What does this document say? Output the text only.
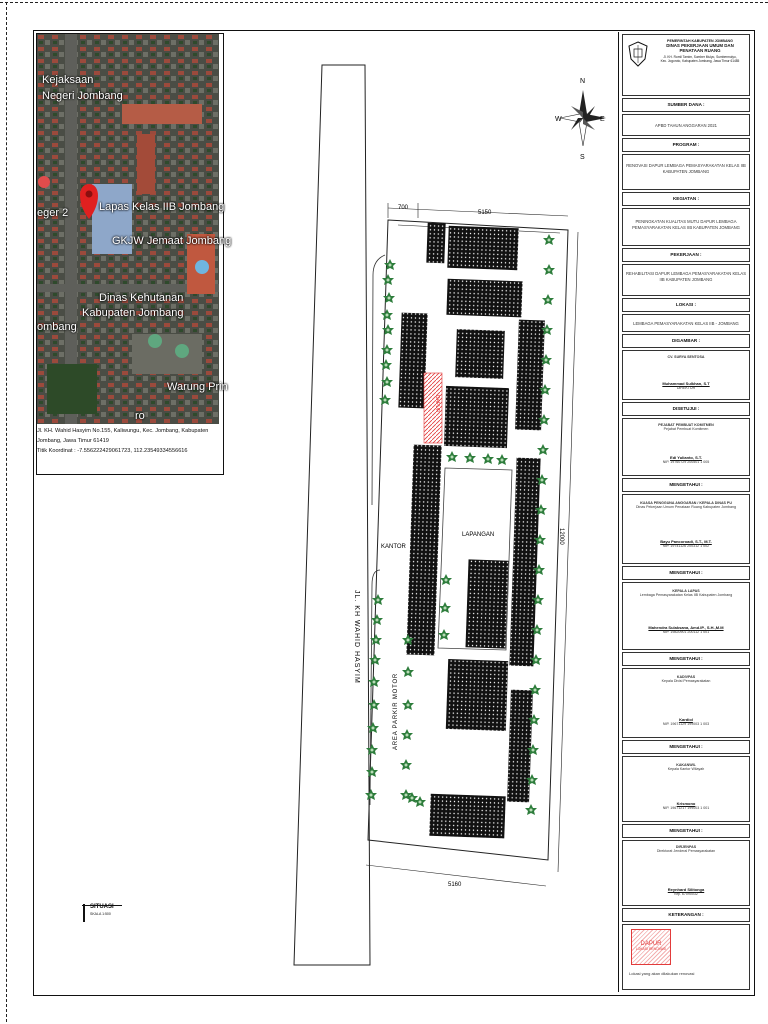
Kejaksaan
Negeri Jombang
eger 2	Lapas Kelas IIB Jombang
GKJW Jemaat Jombang
Dinas Kehutanan
Kabupaten Jombang
ombang
Warung Prin
ro
Jl. KH. Wahid Hasyim No.155, Kaliwungu, Kec. Jombang, Kabupaten
Jombang, Jawa Timur 61419
Titik Koordinat : -7.556222429061723, 112.23549334556616
JL. KH WAHID HASYIM
DAPUR
LAPANGAN
KANTOR
AREA PARKIR MOTOR
700
5150
12000
5160
N
S
W	E
SITUASI
SKALA 1:500
PEMERINTAH KABUPATEN JOMBANG
DINAS PEKERJAAN UMUM DAN
PENATAAN RUANG
Jl. KH. Romli Tamim, Sumber Mulyo, Sumbermulyo,
Kec. Jogoroto, Kabupaten Jombang, Jawa Timur 61485
SUMBER DANA :
APBD TAHUN ANGGARAN 2021
PROGRAM :
RENOVASI DAPUR LEMBAGA PEMASYARAKATAN KELAS IIB KABUPATEN JOMBANG
KEGIATAN :
PENINGKATAN KUALITAS MUTU DAPUR LEMBAGA PEMASYARAKATAN KELAS IIB KABUPATEN JOMBANG
PEKERJAAN :
REHABILITASI DAPUR LEMBAGA PEMASYARAKATAN KELAS IIB KABUPATEN JOMBANG
LOKASI :
LEMBAGA PEMASYARAKATAN KELAS IIB - JOMBANG
DIGAMBAR :
CV. SURYA SENTOSA
Muhammad Sulkhan, S.T
DIREKTUR
DISETUJUI :
PEJABAT PEMBUAT KOMITMEN
Pejabat Pembuat Komitmen
Edi Yulianto, S.T.
NIP. 19760729 200501 1 005
MENGETAHUI :
KUASA PENGGUNA ANGGARAN / KEPALA DINAS PU
Dinas Pekerjaan Umum Penataan Ruang Kabupaten Jombang
Bayu Pancoroadi, S.T., M.T.
NIP. 19741126 200312 1 002
MENGETAHUI :
KEPALA LAPAS
Lembaga Pemasyarakatan Kelas IIB Kabupaten Jombang
Mahendra Sulaksana, Amd.IP., S.H.,M.M
NIP. 19820901 200112 1 001
MENGETAHUI :
KADIVPAS
Kepala Divisi Pemasyarakatan
Kardiol
NIP. 19671129 199003 1 003
MENGETAHUI :
KAKANWIL
Kepala Kantor Wilayah
Krismono
NIP. 19671217 199003 1 001
MENGETAHUI :
DIRJENPAS
Direktorat Jenderal Pemasyarakatan
Reynhard Silitonga
Nrp. 67090032
KETERANGAN :
DAPUR
LOKASI RENOVASI
Lokasi yang akan dilakukan renovasi
